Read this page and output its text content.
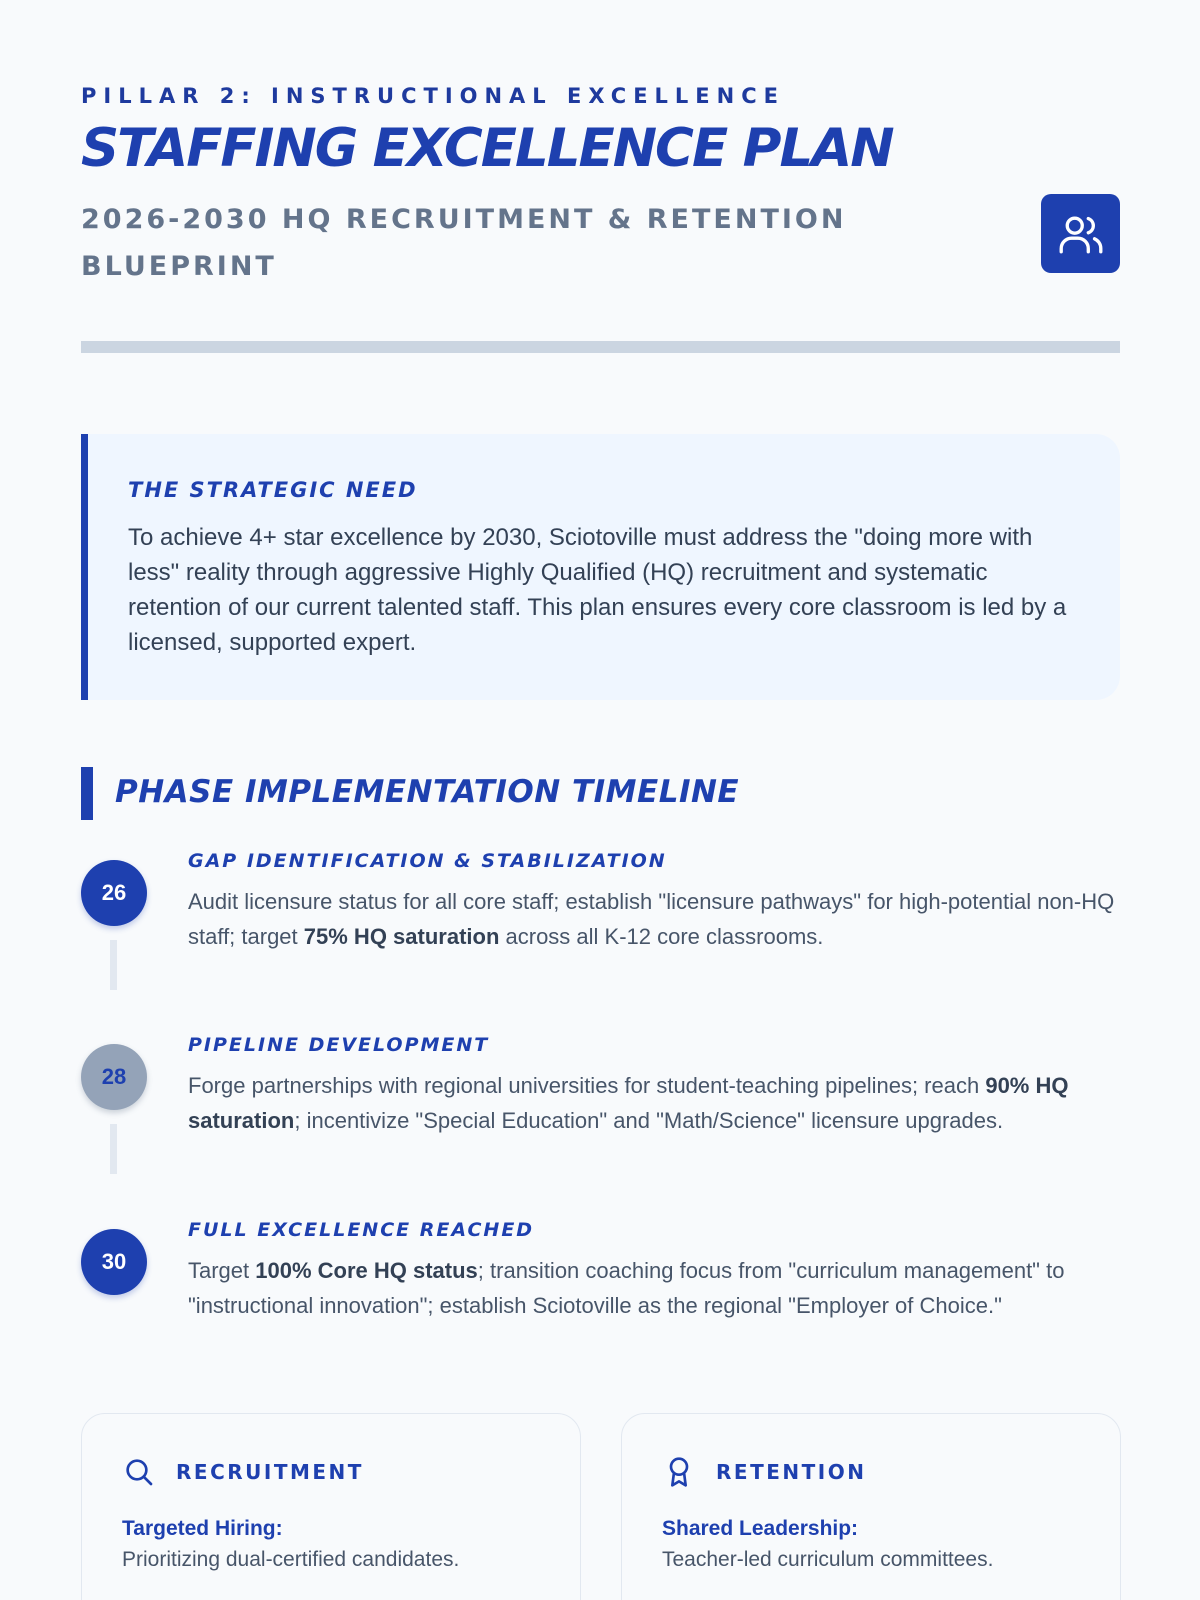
PILLAR 2: INSTRUCTIONAL EXCELLENCE
STAFFING EXCELLENCE PLAN
2026-2030 HQ RECRUITMENT & RETENTION BLUEPRINT
THE STRATEGIC NEED
To achieve 4+ star excellence by 2030, Sciotoville must address the "doing more with less" reality through aggressive Highly Qualified (HQ) recruitment and systematic retention of our current talented staff. This plan ensures every core classroom is led by a licensed, supported expert.
PHASE IMPLEMENTATION TIMELINE
26
GAP IDENTIFICATION & STABILIZATION
Audit licensure status for all core staff; establish "licensure pathways" for high-potential non-HQ staff; target 75% HQ saturation across all K-12 core classrooms.
28
PIPELINE DEVELOPMENT
Forge partnerships with regional universities for student-teaching pipelines; reach 90% HQ saturation; incentivize "Special Education" and "Math/Science" licensure upgrades.
30
FULL EXCELLENCE REACHED
Target 100% Core HQ status; transition coaching focus from "curriculum management" to "instructional innovation"; establish Sciotoville as the regional "Employer of Choice."
RECRUITMENT
Targeted Hiring:
Prioritizing dual-certified candidates.
RETENTION
Shared Leadership:
Teacher-led curriculum committees.
